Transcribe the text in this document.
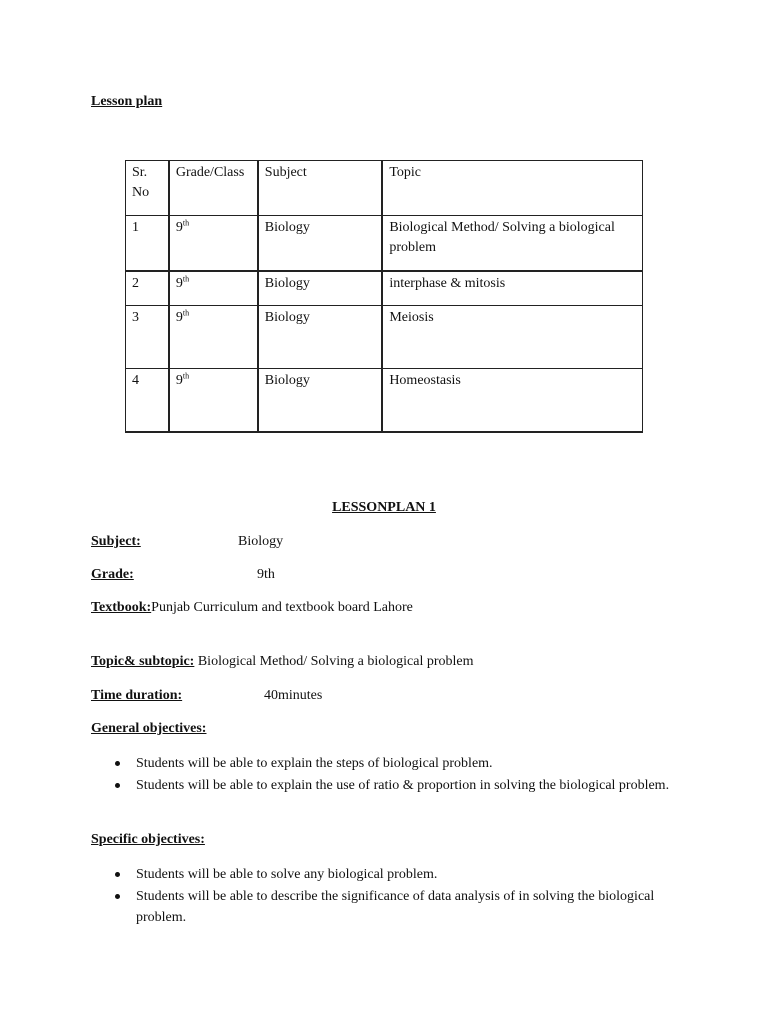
Lesson plan
Sr. No	Grade/Class	Subject	Topic
1	9th	Biology	Biological Method/ Solving a biological problem
2	9th	Biology	interphase & mitosis
3	9th	Biology	Meiosis
4	9th	Biology	Homeostasis
LESSONPLAN 1
Subject:	Biology
Grade:	9th
Textbook:Punjab Curriculum and textbook board Lahore
Topic& subtopic: Biological Method/ Solving a biological problem
Time duration:	40minutes
General objectives:
Students will be able to explain the steps of biological problem.
Students will be able to explain the use of ratio & proportion in solving the biological problem.
Specific objectives:
Students will be able to solve any biological problem.
Students will be able to describe the significance of data analysis of in solving the biological problem.
